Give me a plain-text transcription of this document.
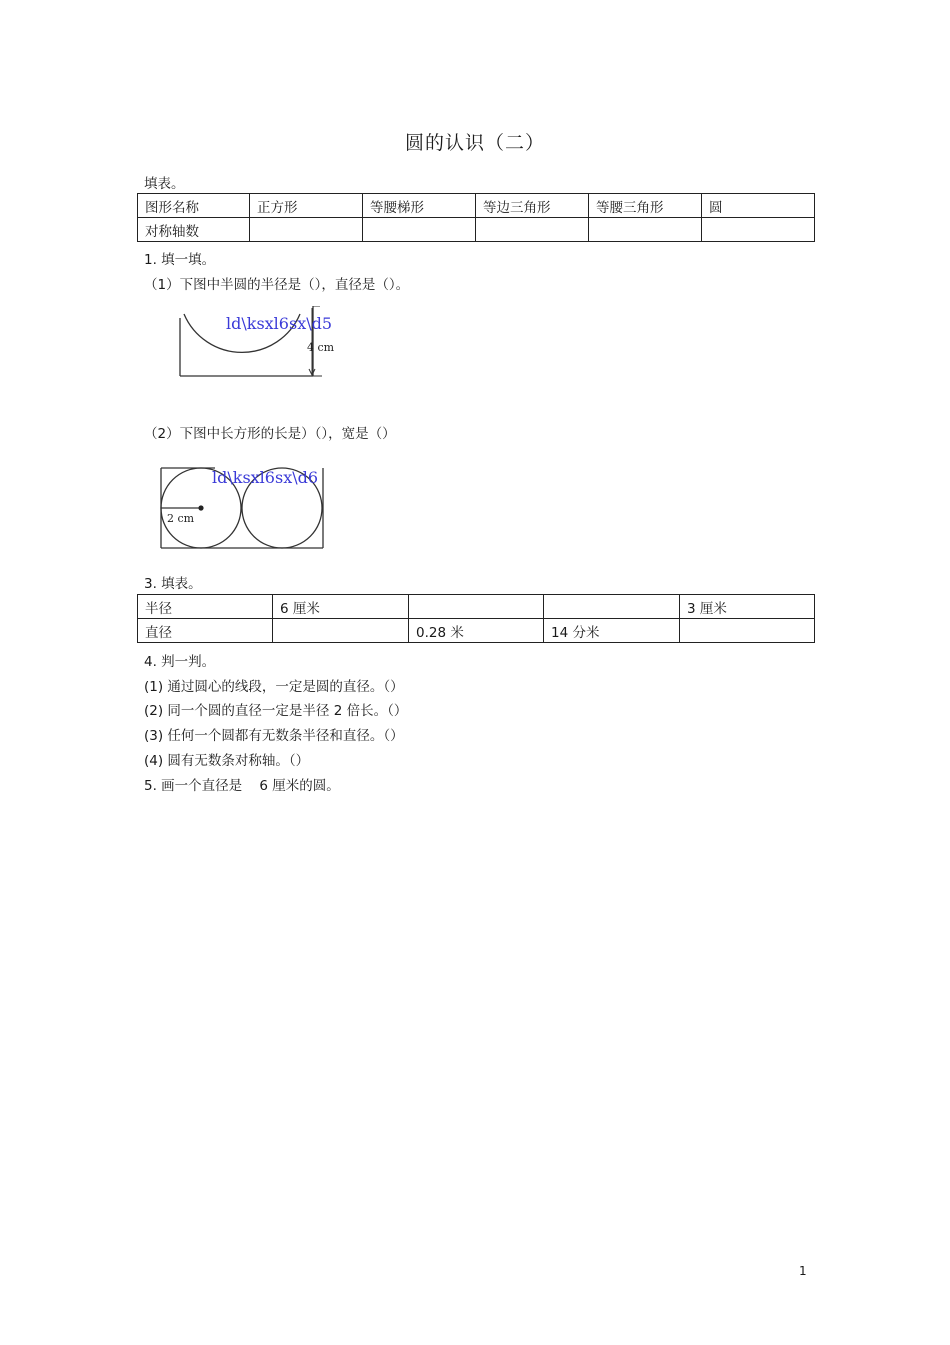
圆的认识（二）
填表。
图形名称	正方形	等腰梯形	等边三角形	等腰三角形	圆
对称轴数					
1. 填一填。
（1）下图中半圆的半径是（），直径是（）。
4 cm
ld\ksxl6sx\d5
（2）下图中长方形的长是）（），宽是（）
2 cm
ld\ksxl6sx\d6
3. 填表。
半径	6 厘米			3 厘米
直径		0.28 米	14 分米	
4. 判一判。
(1) 通过圆心的线段，一定是圆的直径。（）
(2) 同一个圆的直径一定是半径 2 倍长。（）
(3) 任何一个圆都有无数条半径和直径。（）
(4) 圆有无数条对称轴。（）
5. 画一个直径是    6 厘米的圆。
1
